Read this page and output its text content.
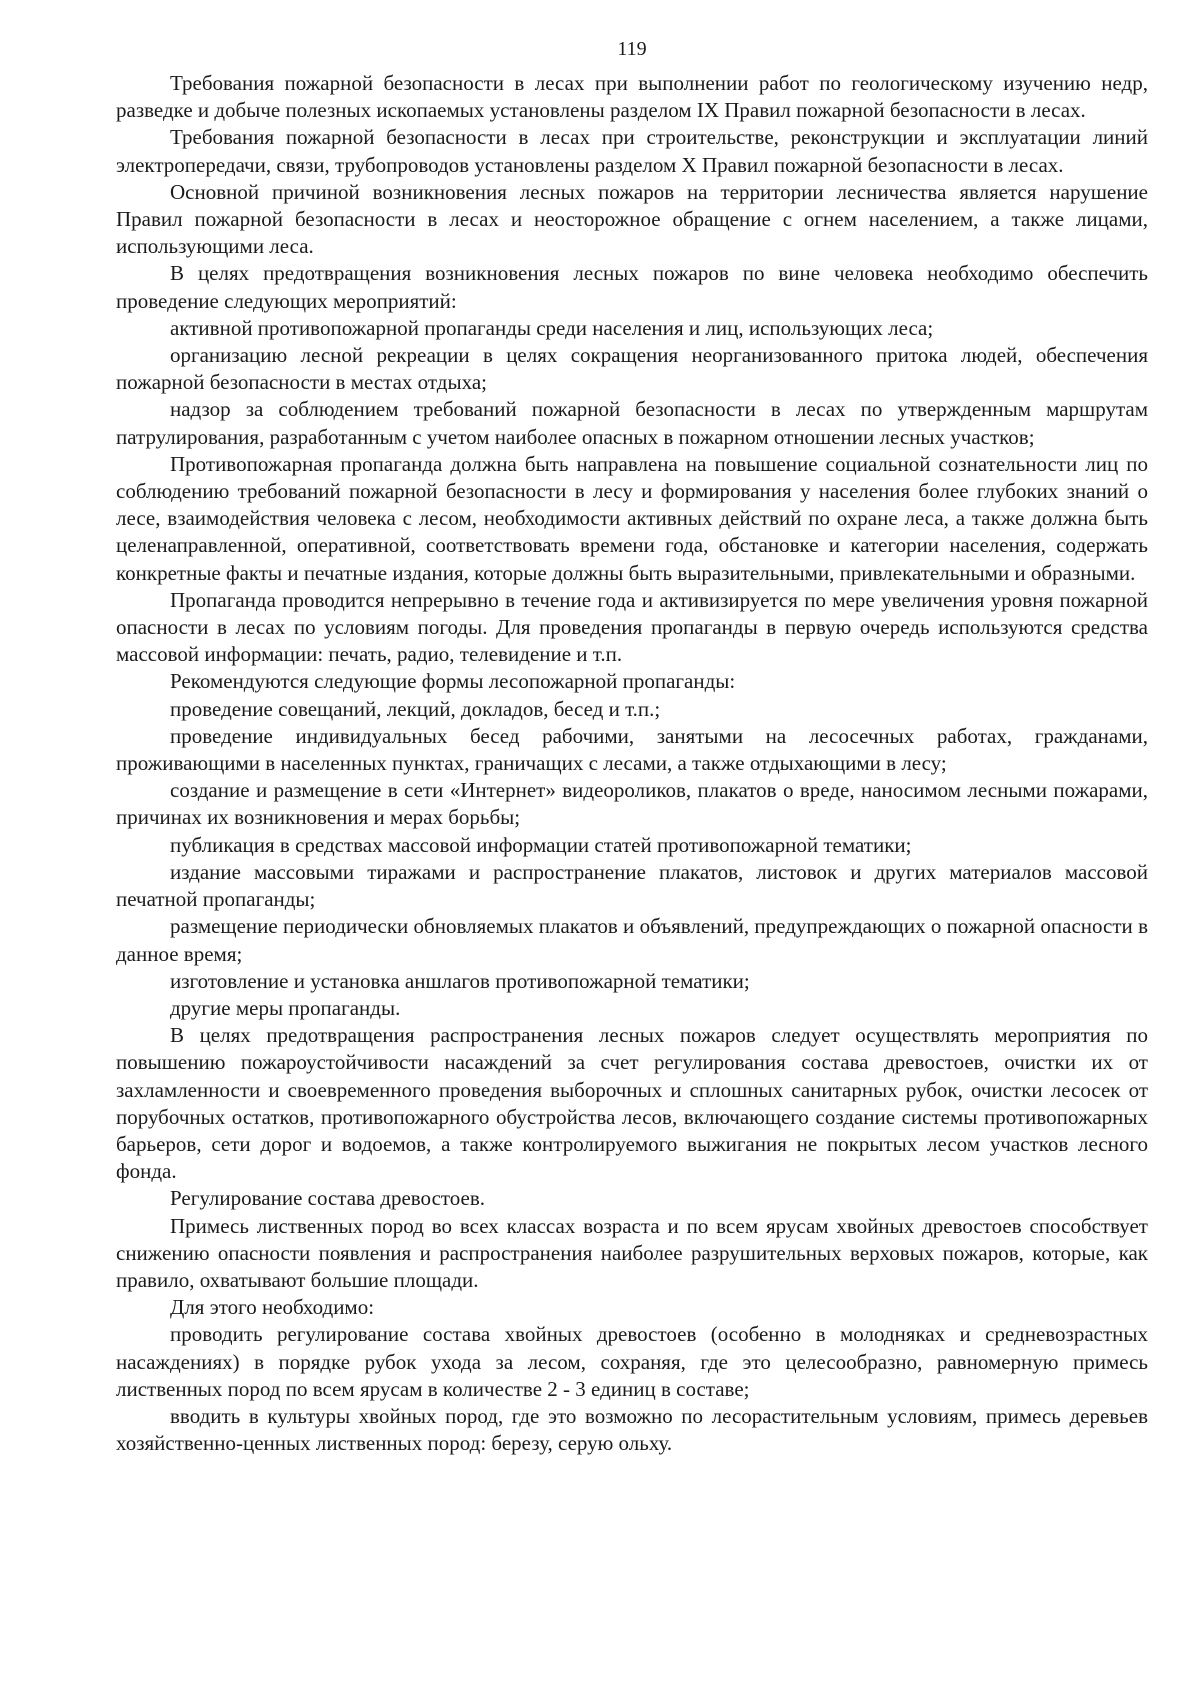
119

Требования пожарной безопасности в лесах при выполнении работ по геологическому изучению недр, разведке и добыче полезных ископаемых установлены разделом IX Правил пожарной безопасности в лесах.

Требования пожарной безопасности в лесах при строительстве, реконструкции и эксплуатации линий электропередачи, связи, трубопроводов установлены разделом X Правил пожарной безопасности в лесах.

Основной причиной возникновения лесных пожаров на территории лесничества является нарушение Правил пожарной безопасности в лесах и неосторожное обращение с огнем населением, а также лицами, использующими леса.

В целях предотвращения возникновения лесных пожаров по вине человека необходимо обеспечить проведение следующих мероприятий:

активной противопожарной пропаганды среди населения и лиц, использующих леса;

организацию лесной рекреации в целях сокращения неорганизованного притока людей, обеспечения пожарной безопасности в местах отдыха;

надзор за соблюдением требований пожарной безопасности в лесах по утвержденным маршрутам патрулирования, разработанным с учетом наиболее опасных в пожарном отношении лесных участков;

Противопожарная пропаганда должна быть направлена на повышение социальной сознательности лиц по соблюдению требований пожарной безопасности в лесу и формирования у населения более глубоких знаний о лесе, взаимодействия человека с лесом, необходимости активных действий по охране леса, а также должна быть целенаправленной, оперативной, соответствовать времени года, обстановке и категории населения, содержать конкретные факты и печатные издания, которые должны быть выразительными, привлекательными и образными.

Пропаганда проводится непрерывно в течение года и активизируется по мере увеличения уровня пожарной опасности в лесах по условиям погоды. Для проведения пропаганды в первую очередь используются средства массовой информации: печать, радио, телевидение и т.п.

Рекомендуются следующие формы лесопожарной пропаганды:

проведение совещаний, лекций, докладов, бесед и т.п.;

проведение индивидуальных бесед рабочими, занятыми на лесосечных работах, гражданами, проживающими в населенных пунктах, граничащих с лесами, а также отдыхающими в лесу;

создание и размещение в сети «Интернет» видеороликов, плакатов о вреде, наносимом лесными пожарами, причинах их возникновения и мерах борьбы;

публикация в средствах массовой информации статей противопожарной тематики;

издание массовыми тиражами и распространение плакатов, листовок и других материалов массовой печатной пропаганды;

размещение периодически обновляемых плакатов и объявлений, предупреждающих о пожарной опасности в данное время;

изготовление и установка аншлагов противопожарной тематики;

другие меры пропаганды.

В целях предотвращения распространения лесных пожаров следует осуществлять мероприятия по повышению пожароустойчивости насаждений за счет регулирования состава древостоев, очистки их от захламленности и своевременного проведения выборочных и сплошных санитарных рубок, очистки лесосек от порубочных остатков, противопожарного обустройства лесов, включающего создание системы противопожарных барьеров, сети дорог и водоемов, а также контролируемого выжигания не покрытых лесом участков лесного фонда.

Регулирование состава древостоев.

Примесь лиственных пород во всех классах возраста и по всем ярусам хвойных древостоев способствует снижению опасности появления и распространения наиболее разрушительных верховых пожаров, которые, как правило, охватывают большие площади.

Для этого необходимо:

проводить регулирование состава хвойных древостоев (особенно в молодняках и средневозрастных насаждениях) в порядке рубок ухода за лесом, сохраняя, где это целесообразно, равномерную примесь лиственных пород по всем ярусам в количестве 2 - 3 единиц в составе;

вводить в культуры хвойных пород, где это возможно по лесорастительным условиям, примесь деревьев хозяйственно-ценных лиственных пород: березу, серую ольху.
